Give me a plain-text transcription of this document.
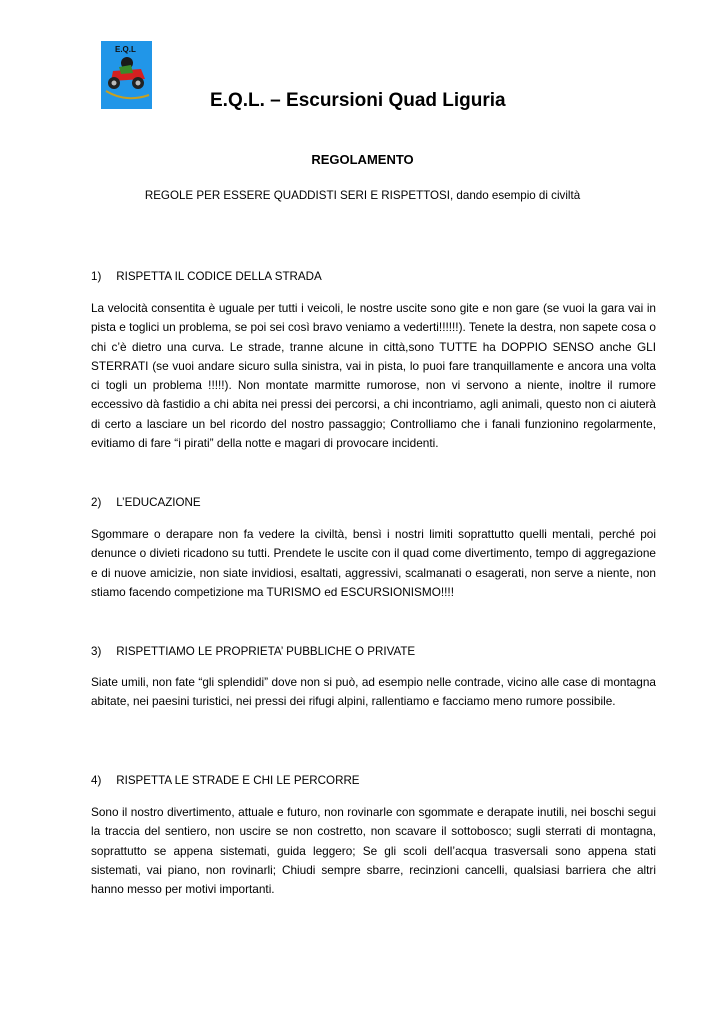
E.Q.L
E.Q.L. – Escursioni Quad Liguria
REGOLAMENTO
REGOLE PER ESSERE QUADDISTI SERI E RISPETTOSI, dando esempio di civiltà
1) RISPETTA IL CODICE DELLA STRADA
La velocità consentita è uguale per tutti i veicoli, le nostre uscite sono gite e non gare (se vuoi la gara vai in pista e toglici un problema, se poi sei così bravo veniamo a vederti!!!!!!). Tenete la destra, non sapete cosa o chi c’è dietro una curva. Le strade, tranne alcune in città,sono TUTTE ha DOPPIO SENSO anche GLI STERRATI (se vuoi andare sicuro sulla sinistra, vai in pista, lo puoi fare tranquillamente e ancora una volta ci togli un problema !!!!!). Non montate marmitte rumorose, non vi servono a niente, inoltre il rumore eccessivo dà fastidio a chi abita nei pressi dei percorsi, a chi incontriamo, agli animali, questo non ci aiuterà di certo a lasciare un bel ricordo del nostro passaggio; Controlliamo che i fanali funzionino regolarmente, evitiamo di fare “i pirati” della notte e magari di provocare incidenti.
2) L’EDUCAZIONE
Sgommare o derapare non fa vedere la civiltà, bensì i nostri limiti soprattutto quelli mentali, perché poi denunce o divieti ricadono su tutti. Prendete le uscite con il quad come divertimento, tempo di aggregazione e di nuove amicizie, non siate invidiosi, esaltati, aggressivi, scalmanati o esagerati, non serve a niente, non stiamo facendo competizione ma TURISMO ed ESCURSIONISMO!!!!
3) RISPETTIAMO LE PROPRIETA’ PUBBLICHE O PRIVATE
Siate umili, non fate “gli splendidi” dove non si può, ad esempio nelle contrade, vicino alle case di montagna abitate, nei paesini turistici, nei pressi dei rifugi alpini, rallentiamo e facciamo meno rumore possibile.
4) RISPETTA LE STRADE E CHI LE PERCORRE
Sono il nostro divertimento, attuale e futuro, non rovinarle con sgommate e derapate inutili, nei boschi segui la traccia del sentiero, non uscire se non costretto, non scavare il sottobosco; sugli sterrati di montagna, soprattutto se appena sistemati, guida leggero; Se gli scoli dell’acqua trasversali sono appena stati sistemati, vai piano, non rovinarli; Chiudi sempre sbarre, recinzioni cancelli, qualsiasi barriera che altri hanno messo per motivi importanti.
